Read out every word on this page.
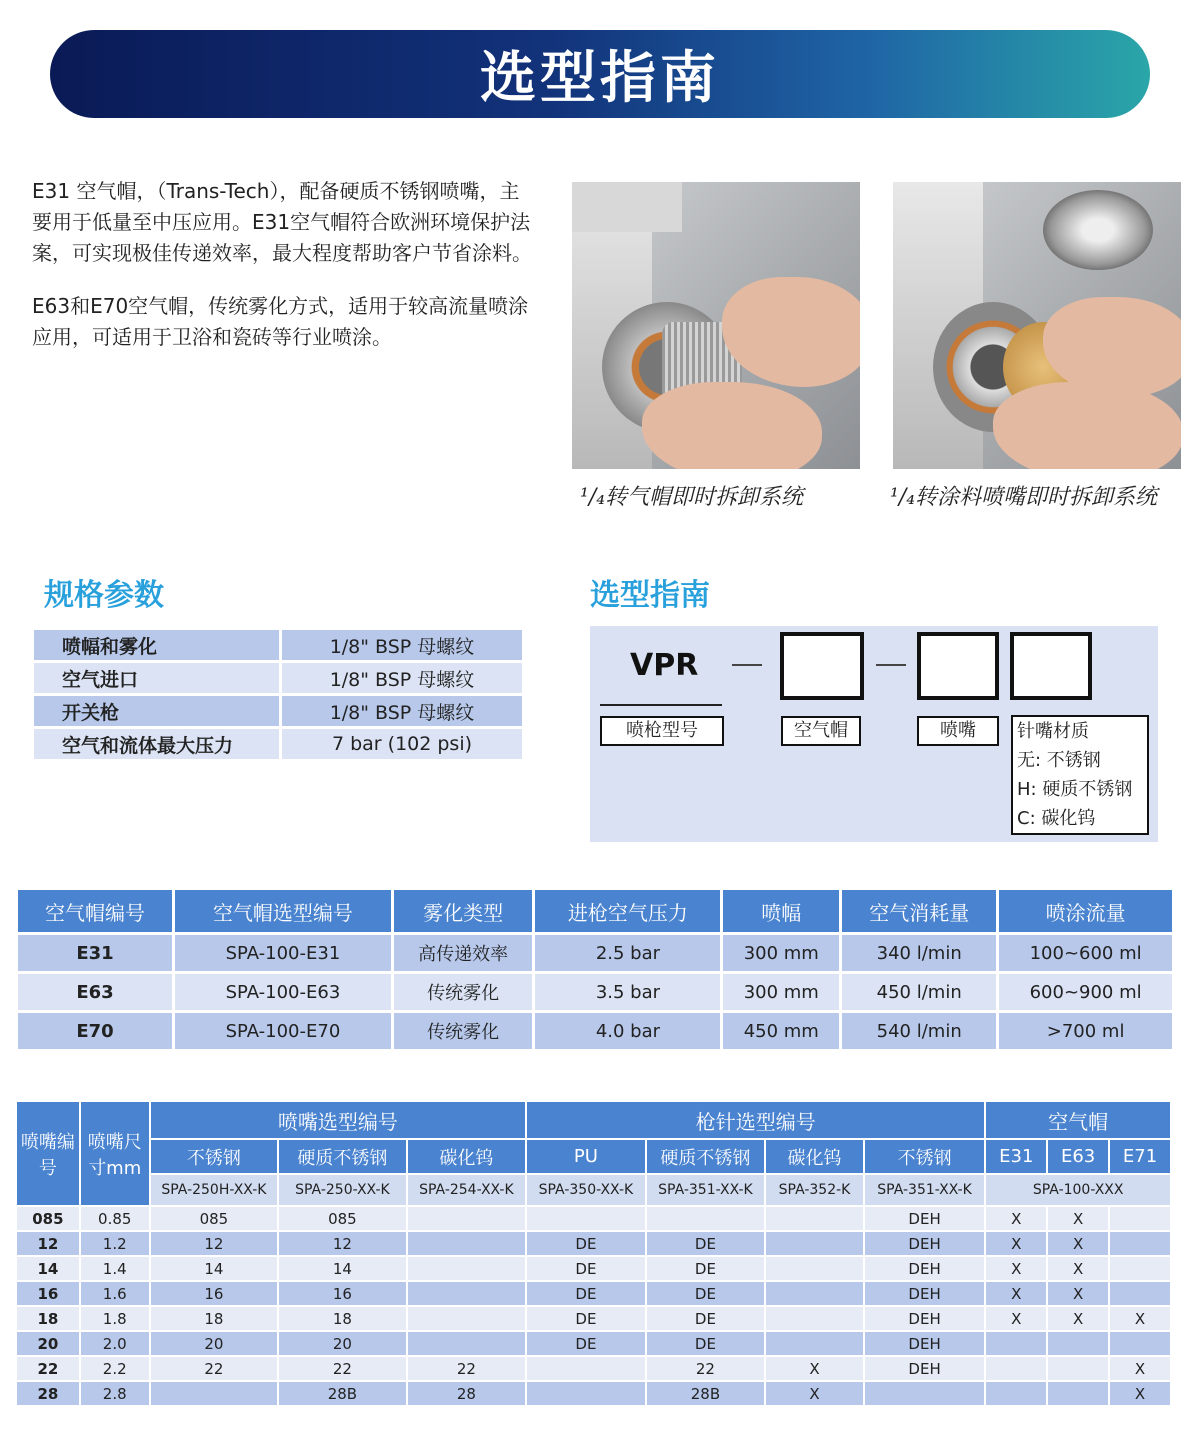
选型指南

E31 空气帽，（Trans-Tech），配备硬质不锈钢喷嘴，主要用于低量至中压应用。E31空气帽符合欧洲环境保护法案，可实现极佳传递效率，最大程度帮助客户节省涂料。

E63和E70空气帽，传统雾化方式，适用于较高流量喷涂应用，可适用于卫浴和瓷砖等行业喷涂。

¹/₄转气帽即时拆卸系统	¹/₄转涂料喷嘴即时拆卸系统
规格参数	选型指南
喷幅和雾化	1/8" BSP 母螺纹
空气进口	1/8" BSP 母螺纹
开关枪	1/8" BSP 母螺纹
空气和流体最大压力	7 bar (102 psi)
VPR
喷枪型号	空气帽	喷嘴	针嘴材质
无: 不锈钢
H: 硬质不锈钢
C: 碳化钨
空气帽编号	空气帽选型编号	雾化类型	进枪空气压力	喷幅	空气消耗量	喷涂流量
E31	SPA-100-E31	高传递效率	2.5 bar	300 mm	340 l/min	100~600 ml
E63	SPA-100-E63	传统雾化	3.5 bar	300 mm	450 l/min	600~900 ml
E70	SPA-100-E70	传统雾化	4.0 bar	450 mm	540 l/min	>700 ml
喷嘴编号	喷嘴尺寸mm	喷嘴选型编号			枪针选型编号				空气帽		
		不锈钢	硬质不锈钢	碳化钨	PU	硬质不锈钢	碳化钨	不锈钢	E31	E63	E71
		SPA-250H-XX-K	SPA-250-XX-K	SPA-254-XX-K	SPA-350-XX-K	SPA-351-XX-K	SPA-352-K	SPA-351-XX-K	SPA-100-XXX		
085	0.85	085	085					DEH	X	X	
12	1.2	12	12		DE	DE		DEH	X	X	
14	1.4	14	14		DE	DE		DEH	X	X	
16	1.6	16	16		DE	DE		DEH	X	X	
18	1.8	18	18		DE	DE		DEH	X	X	X
20	2.0	20	20		DE	DE		DEH			
22	2.2	22	22	22		22	X	DEH			X
28	2.8		28B	28		28B	X				X
